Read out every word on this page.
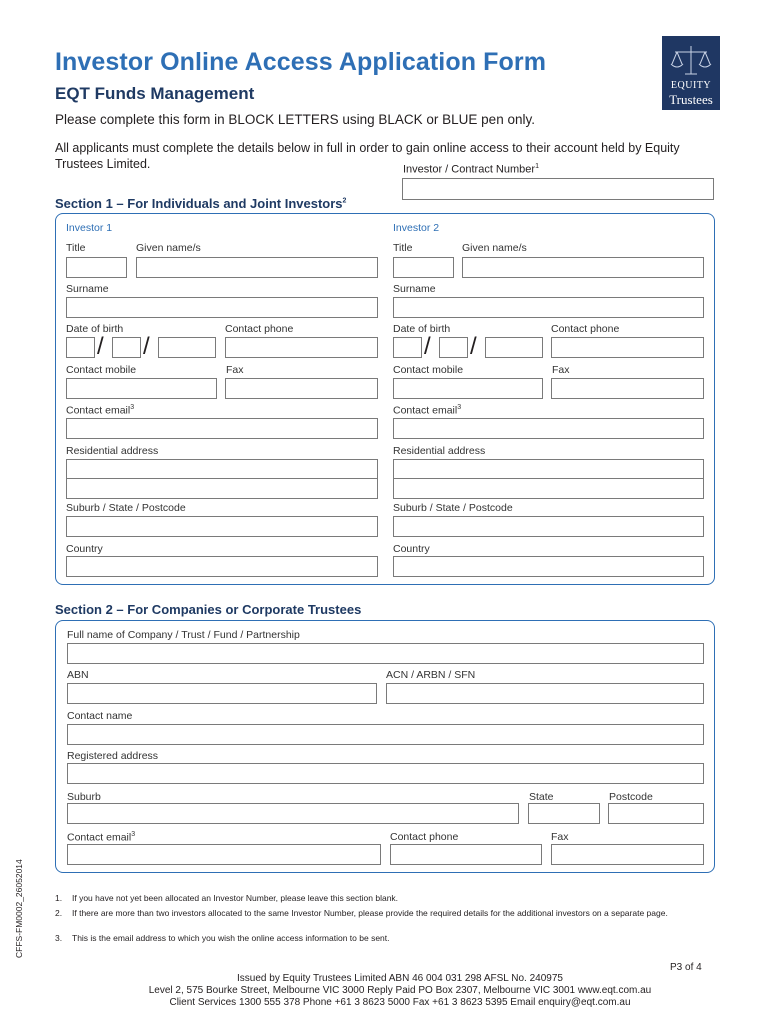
Investor Online Access Application Form
EQT Funds Management
Please complete this form in BLOCK LETTERS using BLACK or BLUE pen only.
All applicants must complete the details below in full in order to gain online access to their account held by Equity Trustees Limited.	Investor / Contract Number$^1$
EQUITY
Trustees
Section 1 – For Individuals and Joint Investors$^2$
Investor 1
Title	Given name/s
Surname
Date of birth	Contact phone
/ /
Contact mobile	Fax
Contact email$^3$
Residential address
Suburb / State / Postcode
Country
Investor 2
Title	Given name/s
Surname
Date of birth	Contact phone
/ /
Contact mobile	Fax
Contact email$^3$
Residential address
Suburb / State / Postcode
Country
Section 2 – For Companies or Corporate Trustees
Full name of Company / Trust / Fund / Partnership
ABN	ACN / ARBN / SFN
Contact name
Registered address
Suburb	State	Postcode
Contact email$^3$	Contact phone	Fax
1. If you have not yet been allocated an Investor Number, please leave this section blank.
2. If there are more than two investors allocated to the same Investor Number, please provide the required details for the additional investors on a separate page.
3. This is the email address to which you wish the online access information to be sent.
CFFS-FM0002_26052014
P3 of 4
Issued by Equity Trustees Limited ABN 46 004 031 298 AFSL No. 240975
Level 2, 575 Bourke Street, Melbourne VIC 3000 Reply Paid PO Box 2307, Melbourne VIC 3001 www.eqt.com.au
Client Services 1300 555 378 Phone +61 3 8623 5000 Fax +61 3 8623 5395 Email enquiry@eqt.com.au
